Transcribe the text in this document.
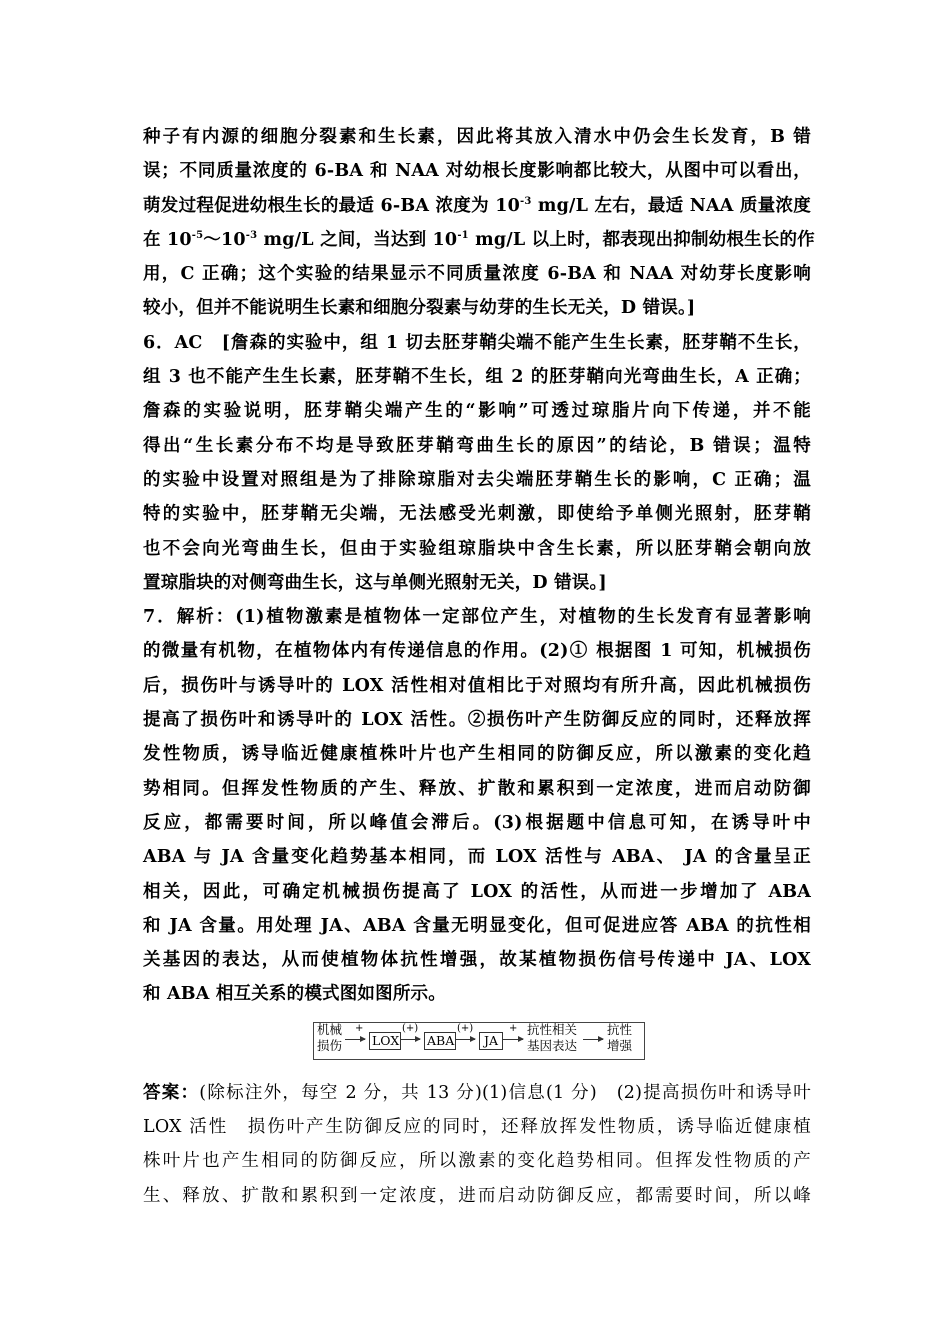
种子有内源的细胞分裂素和生长素，因此将其放入清水中仍会生长发育，B 错
误；不同质量浓度的 6-BA 和 NAA 对幼根长度影响都比较大，从图中可以看出，
萌发过程促进幼根生长的最适 6-BA 浓度为 $10^{-3}$ mg/L 左右，最适 NAA 质量浓度
在 $10^{-5}\sim 10^{-3}$ mg/L 之间，当达到 $10^{-1}$ mg/L 以上时，都表现出抑制幼根生长的作
用，C 正确；这个实验的结果显示不同质量浓度 6-BA 和 NAA 对幼芽长度影响
较小，但并不能说明生长素和细胞分裂素与幼芽的生长无关，D 错误。]
6．AC　[詹森的实验中，组 1 切去胚芽鞘尖端不能产生生长素，胚芽鞘不生长，
组 3 也不能产生生长素，胚芽鞘不生长，组 2 的胚芽鞘向光弯曲生长，A 正确；
詹森的实验说明，胚芽鞘尖端产生的“影响”可透过琼脂片向下传递，并不能
得出“生长素分布不均是导致胚芽鞘弯曲生长的原因”的结论，B 错误；温特
的实验中设置对照组是为了排除琼脂对去尖端胚芽鞘生长的影响，C 正确；温
特的实验中，胚芽鞘无尖端，无法感受光刺激，即使给予单侧光照射，胚芽鞘
也不会向光弯曲生长，但由于实验组琼脂块中含生长素，所以胚芽鞘会朝向放
置琼脂块的对侧弯曲生长，这与单侧光照射无关，D 错误。]
7．解析：(1)植物激素是植物体一定部位产生，对植物的生长发育有显著影响
的微量有机物，在植物体内有传递信息的作用。(2)① 根据图 1 可知，机械损伤
后，损伤叶与诱导叶的 LOX 活性相对值相比于对照均有所升高，因此机械损伤
提高了损伤叶和诱导叶的 LOX 活性。②损伤叶产生防御反应的同时，还释放挥
发性物质，诱导临近健康植株叶片也产生相同的防御反应，所以激素的变化趋
势相同。但挥发性物质的产生、释放、扩散和累积到一定浓度，进而启动防御
反应，都需要时间，所以峰值会滞后。(3)根据题中信息可知，在诱导叶中
ABA 与 JA 含量变化趋势基本相同，而 LOX 活性与 ABA、 JA 的含量呈正
相关，因此，可确定机械损伤提高了 LOX 的活性，从而进一步增加了 ABA
和 JA 含量。用处理 JA、ABA 含量无明显变化，但可促进应答 ABA 的抗性相
关基因的表达，从而使植物体抗性增强，故某植物损伤信号传递中 JA、LOX
和 ABA 相互关系的模式图如图所示。
机械
损伤
+
LOX
(+)
ABA
(+)
JA
+ 抗性相关
基因表达
抗性
增强
答案：(除标注外，每空 2 分，共 13 分)(1)信息(1 分)　(2)提高损伤叶和诱导叶
LOX 活性　损伤叶产生防御反应的同时，还释放挥发性物质，诱导临近健康植
株叶片也产生相同的防御反应，所以激素的变化趋势相同。但挥发性物质的产
生、释放、扩散和累积到一定浓度，进而启动防御反应，都需要时间，所以峰
